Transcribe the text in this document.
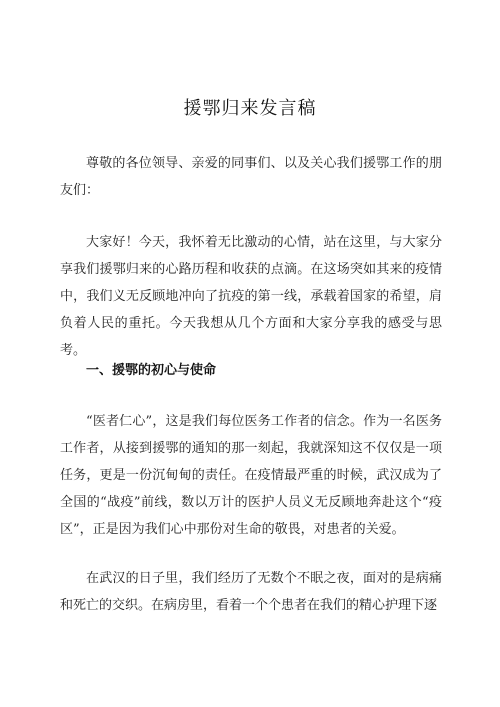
援鄂归来发言稿

尊敬的各位领导、亲爱的同事们、以及关心我们援鄂工作的朋友们：

大家好！今天，我怀着无比激动的心情，站在这里，与大家分享我们援鄂归来的心路历程和收获的点滴。在这场突如其来的疫情中，我们义无反顾地冲向了抗疫的第一线，承载着国家的希望，肩负着人民的重托。今天我想从几个方面和大家分享我的感受与思考。

一、援鄂的初心与使命

“医者仁心”，这是我们每位医务工作者的信念。作为一名医务工作者，从接到援鄂的通知的那一刻起，我就深知这不仅仅是一项任务，更是一份沉甸甸的责任。在疫情最严重的时候，武汉成为了全国的“战疫”前线，数以万计的医护人员义无反顾地奔赴这个“疫区”，正是因为我们心中那份对生命的敬畏，对患者的关爱。

在武汉的日子里，我们经历了无数个不眠之夜，面对的是病痛和死亡的交织。在病房里，看着一个个患者在我们的精心护理下逐
